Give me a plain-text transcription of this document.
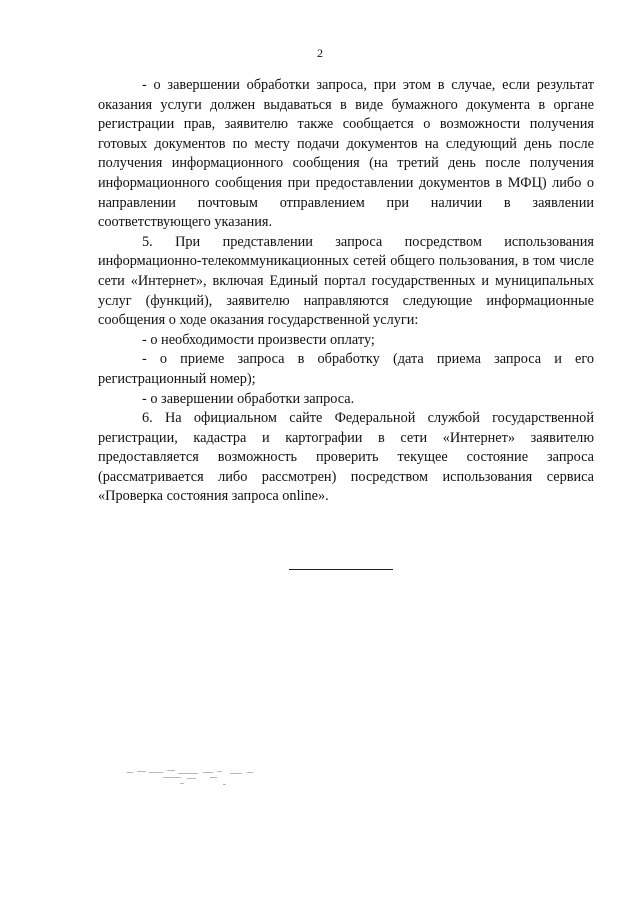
2

- о завершении обработки запроса, при этом в случае, если результат оказания услуги должен выдаваться в виде бумажного документа в органе регистрации прав, заявителю также сообщается о возможности получения готовых документов по месту подачи документов на следующий день после получения информационного сообщения (на третий день после получения информационного сообщения при предоставлении документов в МФЦ) либо о направлении почтовым отправлением при наличии в заявлении соответствующего указания.

5. При представлении запроса посредством использования информационно-телекоммуникационных сетей общего пользования, в том числе сети «Интернет», включая Единый портал государственных и муниципальных услуг (функций), заявителю направляются следующие информационные сообщения о ходе оказания государственной услуги:

- о необходимости произвести оплату;

- о приеме запроса в обработку (дата приема запроса и его регистрационный номер);

- о завершении обработки запроса.

6. На официальном сайте Федеральной службой государственной регистрации, кадастра и картографии в сети «Интернет» заявителю предоставляется возможность проверить текущее состояние запроса (рассматривается либо рассмотрен) посредством использования сервиса «Проверка состояния запроса online».
